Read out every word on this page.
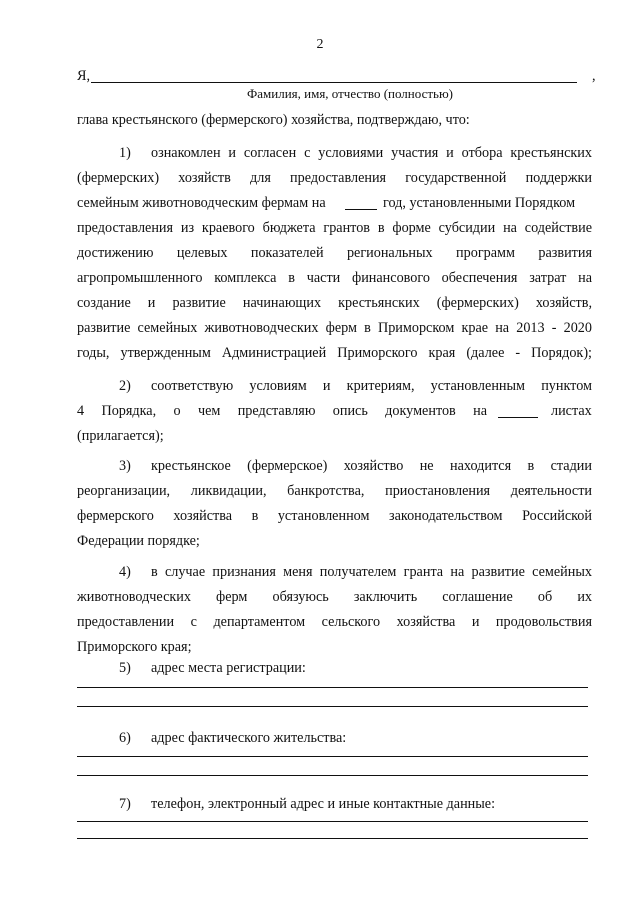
2
Я,	,
Фамилия, имя, отчество (полностью)
глава крестьянского (фермерского) хозяйства, подтверждаю, что:
1) ознакомлен и согласен с условиями участия и отбора крестьянских
(фермерских) хозяйств для предоставления государственной поддержки
семейным животноводческим фермам на	год, установленными Порядком
предоставления из краевого бюджета грантов в форме субсидии на содействие
достижению целевых показателей региональных программ развития
агропромышленного комплекса в части финансового обеспечения затрат на
создание и развитие начинающих крестьянских (фермерских) хозяйств,
развитие семейных животноводческих ферм в Приморском крае на 2013 - 2020
годы, утвержденным Администрацией Приморского края (далее - Порядок);
2) соответствую условиям и критериям, установленным пунктом
4 Порядка, о чем представляю опись документов на	листах
(прилагается);
3) крестьянское (фермерское) хозяйство не находится в стадии
реорганизации, ликвидации, банкротства, приостановления деятельности
фермерского хозяйства в установленном законодательством Российской
Федерации порядке;
4) в случае признания меня получателем гранта на развитие семейных
животноводческих ферм обязуюсь заключить соглашение об их
предоставлении с департаментом сельского хозяйства и продовольствия
Приморского края;
5) адрес места регистрации:
6) адрес фактического жительства:
7) телефон, электронный адрес и иные контактные данные:
